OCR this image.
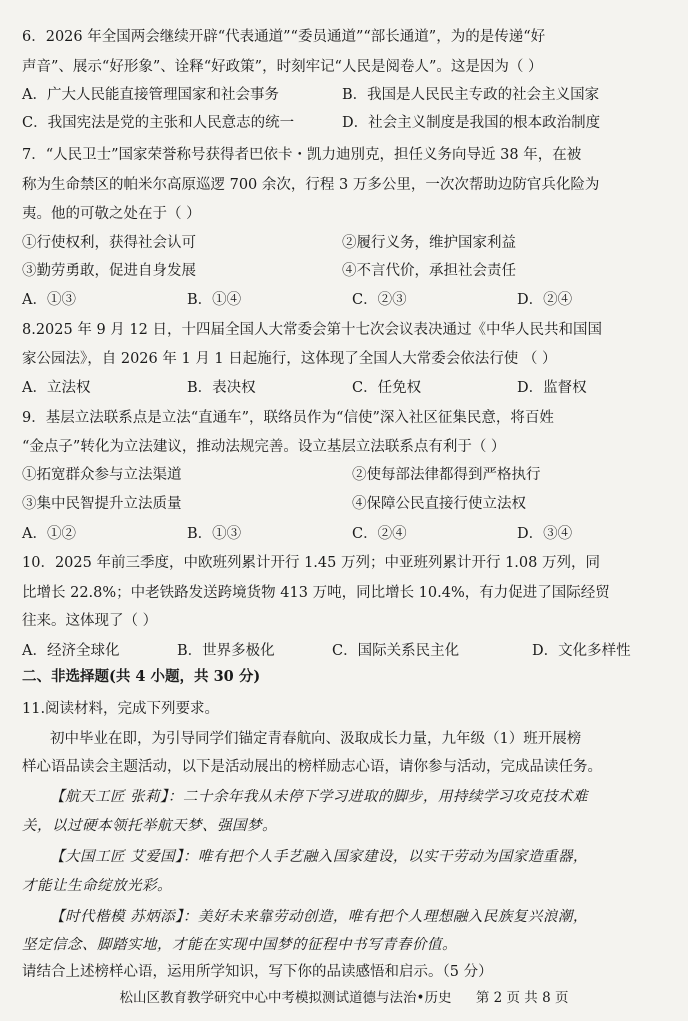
6．2026 年全国两会继续开辟“代表通道”“委员通道”“部长通道”，为的是传递“好
声音”、展示“好形象”、诠释“好政策”，时刻牢记“人民是阅卷人”。这是因为（ ）
A．广大人民能直接管理国家和社会事务	B．我国是人民民主专政的社会主义国家
C．我国宪法是党的主张和人民意志的统一	D．社会主义制度是我国的根本政治制度
7．“人民卫士”国家荣誉称号获得者巴依卡・凯力迪別克，担任义务向导近 38 年，在被
称为生命禁区的帕米尔高原巡逻 700 余次，行程 3 万多公里，一次次帮助边防官兵化险为
夷。他的可敬之处在于（ ）
①行使权利，获得社会认可	②履行义务，维护国家利益
③勤劳勇敢，促进自身发展	④不言代价，承担社会责任
A．①③	B．①④	C．②③	D．②④
8.2025 年 9 月 12 日，十四届全国人大常委会第十七次会议表决通过《中华人民共和国国
家公园法》，自 2026 年 1 月 1 日起施行，这体现了全国人大常委会依法行使 （ ）
A．立法权	B．表决权	C．任免权	D．监督权
9．基层立法联系点是立法“直通车”，联络员作为“信使”深入社区征集民意，将百姓
“金点子”转化为立法建议，推动法规完善。设立基层立法联系点有利于（ ）
①拓宽群众参与立法渠道	②使每部法律都得到严格执行
③集中民智提升立法质量	④保障公民直接行使立法权
A．①②	B．①③	C．②④	D．③④
10．2025 年前三季度，中欧班列累计开行 1.45 万列；中亚班列累计开行 1.08 万列，同
比增长 22.8%；中老铁路发送跨境货物 413 万吨，同比增长 10.4%，有力促进了国际经贸
往来。这体现了（ ）
A．经济全球化	B．世界多极化	C．国际关系民主化	D．文化多样性
二、非选择题(共 4 小题，共 30 分)
11.阅读材料，完成下列要求。
初中毕业在即，为引导同学们锚定青春航向、汲取成长力量，九年级（1）班开展榜
样心语品读会主题活动，以下是活动展出的榜样励志心语，请你参与活动，完成品读任务。
【航天工匠 张莉】：二十余年我从未停下学习进取的脚步，用持续学习攻克技术难
关，以过硬本领托举航天梦、强国梦。
【大国工匠 艾爱国】：唯有把个人手艺融入国家建设，以实干劳动为国家造重器，
才能让生命绽放光彩。
【时代楷模 苏炳添】：美好未来靠劳动创造，唯有把个人理想融入民族复兴浪潮，
坚定信念、脚踏实地，才能在实现中国梦的征程中书写青春价值。
请结合上述榜样心语，运用所学知识，写下你的品读感悟和启示。（5 分）
松山区教育教学研究中心中考模拟测试道德与法治•历史 第 2 页 共 8 页
